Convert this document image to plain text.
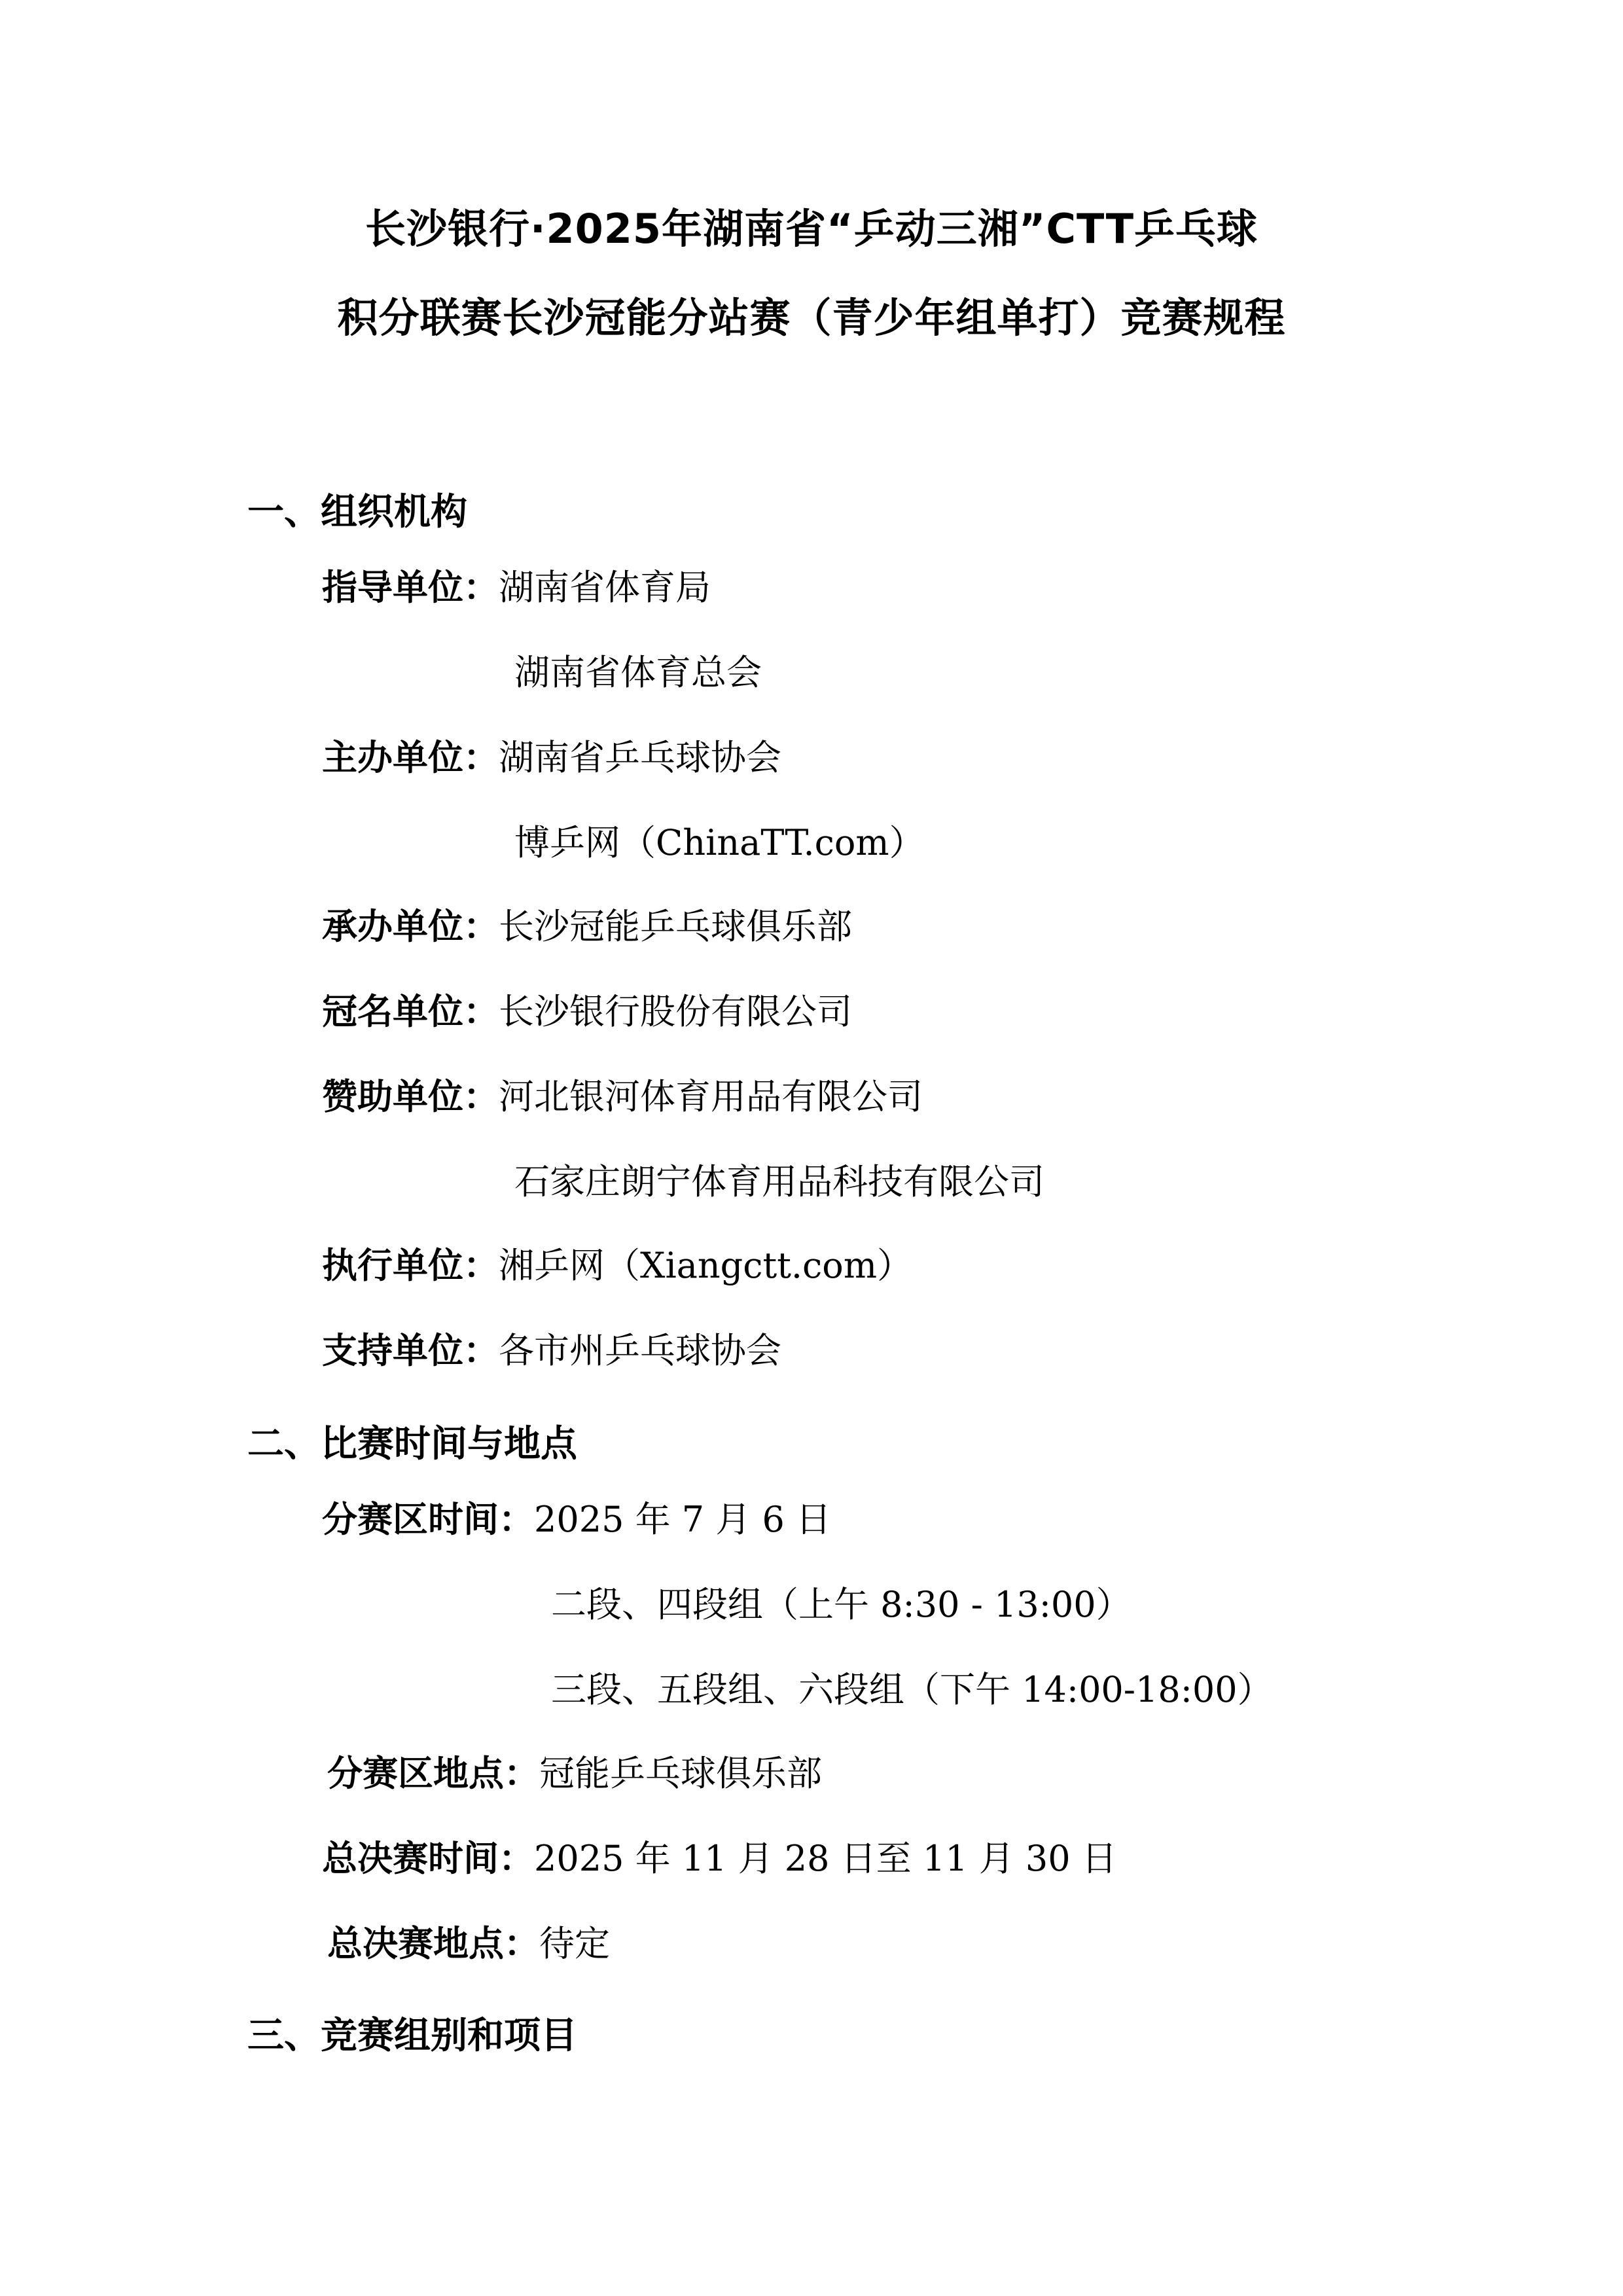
长沙银行·2025年湖南省“乒动三湘”CTT乒乓球
积分联赛长沙冠能分站赛（青少年组单打）竞赛规程
一、组织机构
指导单位：湖南省体育局
湖南省体育总会
主办单位：湖南省乒乓球协会
博乒网（ChinaTT.com）
承办单位：长沙冠能乒乓球俱乐部
冠名单位：长沙银行股份有限公司
赞助单位：河北银河体育用品有限公司
石家庄朗宁体育用品科技有限公司
执行单位：湘乒网（Xiangctt.com）
支持单位：各市州乒乓球协会
二、比赛时间与地点
分赛区时间：2025 年 7 月 6 日
二段、四段组（上午 8:30 - 13:00）
三段、五段组、六段组（下午 14:00-18:00）
分赛区地点：冠能乒乓球俱乐部
总决赛时间：2025 年 11 月 28 日至 11 月 30 日
总决赛地点：待定
三、竞赛组别和项目
